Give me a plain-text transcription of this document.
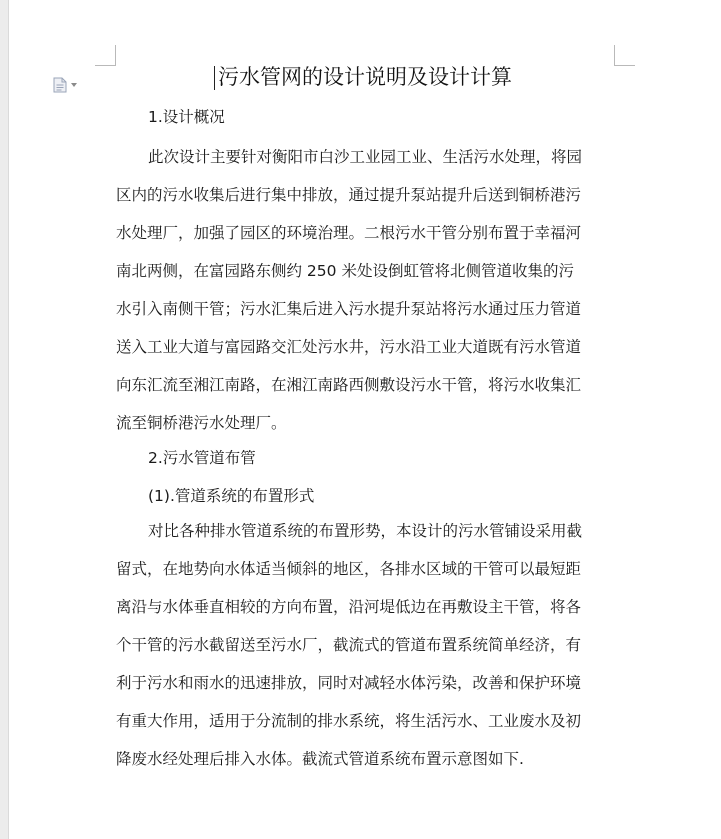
污水管网的设计说明及设计计算
1.设计概况
此次设计主要针对衡阳市白沙工业园工业、生活污水处理，将园
区内的污水收集后进行集中排放，通过提升泵站提升后送到铜桥港污
水处理厂，加强了园区的环境治理。二根污水干管分别布置于幸福河
南北两侧，在富园路东侧约 250 米处设倒虹管将北侧管道收集的污
水引入南侧干管；污水汇集后进入污水提升泵站将污水通过压力管道
送入工业大道与富园路交汇处污水井，污水沿工业大道既有污水管道
向东汇流至湘江南路，在湘江南路西侧敷设污水干管，将污水收集汇
流至铜桥港污水处理厂。
2.污水管道布管
(1).管道系统的布置形式
对比各种排水管道系统的布置形势，本设计的污水管铺设采用截
留式，在地势向水体适当倾斜的地区，各排水区域的干管可以最短距
离沿与水体垂直相较的方向布置，沿河堤低边在再敷设主干管，将各
个干管的污水截留送至污水厂，截流式的管道布置系统简单经济，有
利于污水和雨水的迅速排放，同时对减轻水体污染，改善和保护环境
有重大作用，适用于分流制的排水系统，将生活污水、工业废水及初
降废水经处理后排入水体。截流式管道系统布置示意图如下.
